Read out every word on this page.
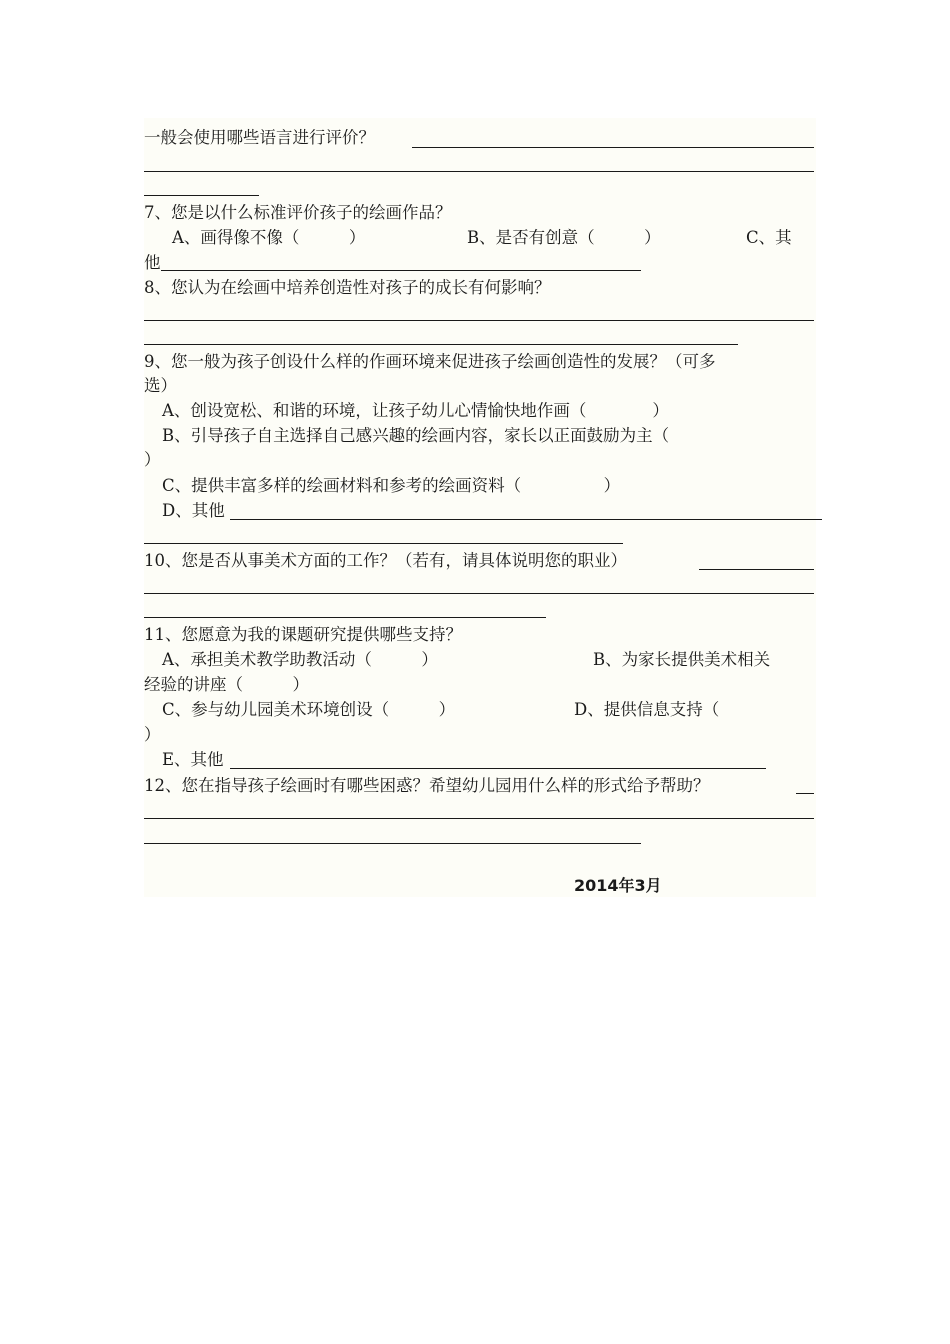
一般会使用哪些语言进行评价？
7、您是以什么标准评价孩子的绘画作品？
A、画得像不像（　　　）	B、是否有创意（　　　）	C、其
他
8、您认为在绘画中培养创造性对孩子的成长有何影响？
9、您一般为孩子创设什么样的作画环境来促进孩子绘画创造性的发展？（可多
选）
A、创设宽松、和谐的环境，让孩子幼儿心情愉快地作画（　　　　）
B、引导孩子自主选择自己感兴趣的绘画内容，家长以正面鼓励为主（
）
C、提供丰富多样的绘画材料和参考的绘画资料（　　　　　）
D、其他
10、您是否从事美术方面的工作？（若有，请具体说明您的职业）
11、您愿意为我的课题研究提供哪些支持？
A、承担美术教学助教活动（　　　）	B、为家长提供美术相关
经验的讲座（　　　）
C、参与幼儿园美术环境创设（　　　）	D、提供信息支持（
）
E、其他
12、您在指导孩子绘画时有哪些困惑？希望幼儿园用什么样的形式给予帮助？
2014年3月
